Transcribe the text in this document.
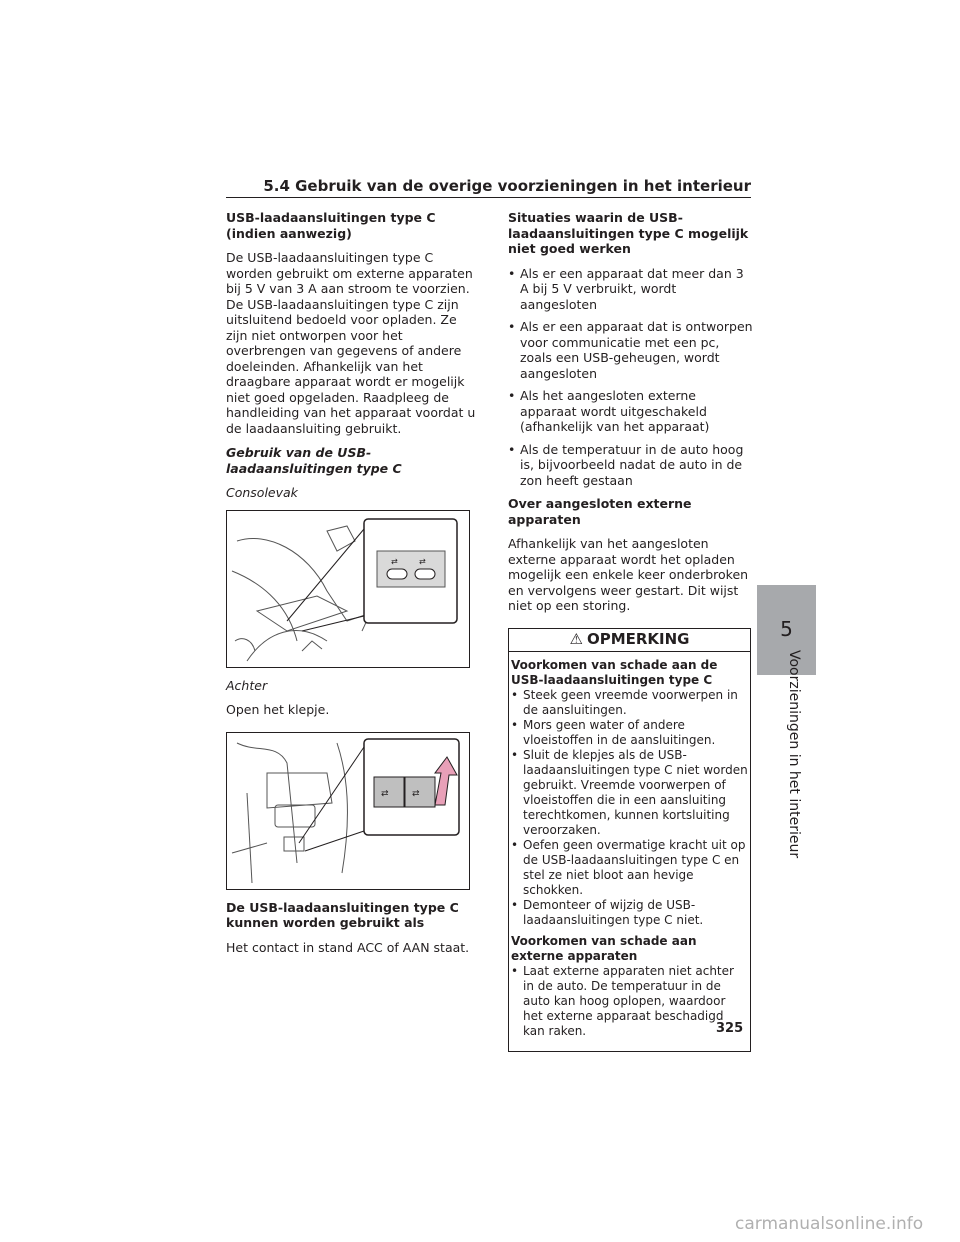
5.4 Gebruik van de overige voorzieningen in het interieur
5
Voorzieningen in het interieur
USB-laadaansluitingen type C (indien aanwezig)
De USB-laadaansluitingen type C worden gebruikt om externe apparaten bij 5 V van 3 A aan stroom te voorzien. De USB-laadaansluitingen type C zijn uitsluitend bedoeld voor opladen. Ze zijn niet ontworpen voor het overbrengen van gegevens of andere doeleinden. Afhankelijk van het draagbare apparaat wordt er mogelijk niet goed opgeladen. Raadpleeg de handleiding van het apparaat voordat u de laadaansluiting gebruikt.
Gebruik van de USB-laadaansluitingen type C
Consolevak
⇄	⇄
Achter
Open het klepje.
⇄	⇄
De USB-laadaansluitingen type C kunnen worden gebruikt als
Het contact in stand ACC of AAN staat.
Situaties waarin de USB-laadaansluitingen type C mogelijk niet goed werken
• Als er een apparaat dat meer dan 3 A bij 5 V verbruikt, wordt aangesloten
• Als er een apparaat dat is ontworpen voor communicatie met een pc, zoals een USB-geheugen, wordt aangesloten
• Als het aangesloten externe apparaat wordt uitgeschakeld (afhankelijk van het apparaat)
• Als de temperatuur in de auto hoog is, bijvoorbeeld nadat de auto in de zon heeft gestaan
Over aangesloten externe apparaten
Afhankelijk van het aangesloten externe apparaat wordt het opladen mogelijk een enkele keer onderbroken en vervolgens weer gestart. Dit wijst niet op een storing.
⚠ OPMERKING
Voorkomen van schade aan de USB-laadaansluitingen type C
• Steek geen vreemde voorwerpen in de aansluitingen.
• Mors geen water of andere vloeistoffen in de aansluitingen.
• Sluit de klepjes als de USB-laadaansluitingen type C niet worden gebruikt. Vreemde voorwerpen of vloeistoffen die in een aansluiting terechtkomen, kunnen kortsluiting veroorzaken.
• Oefen geen overmatige kracht uit op de USB-laadaansluitingen type C en stel ze niet bloot aan hevige schokken.
• Demonteer of wijzig de USB-laadaansluitingen type C niet.
Voorkomen van schade aan externe apparaten
• Laat externe apparaten niet achter in de auto. De temperatuur in de auto kan hoog oplopen, waardoor het externe apparaat beschadigd kan raken.	325
carmanualsonline.info
